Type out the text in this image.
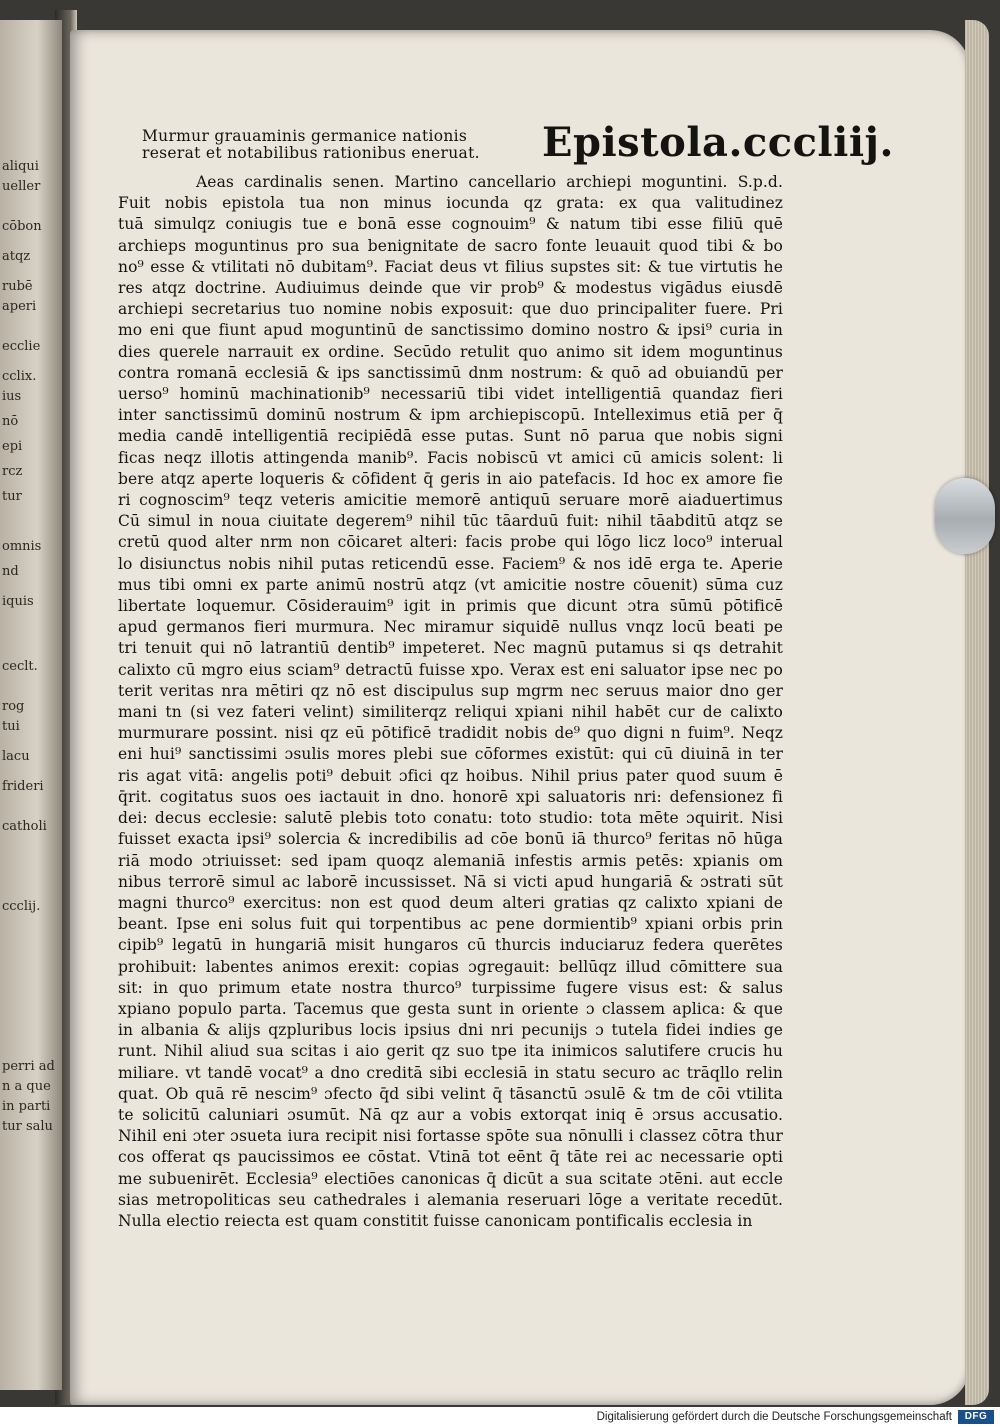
aliqui
ueller
cōbon
atqz
rubē
aperi
ecclie
cclix.
ius
nō
epi
rcz
tur
omnis
nd
iquis
ceclt.
rog
tui
lacu
frideri
catholi
ccclij.
perri ad
n a que
in parti
tur salu
Murmur grauaminis germanice nationis
reserat et notabilibus rationibus eneruat.	Epistola.cccliij.
Aeas cardinalis senen. Martino cancellario archiepi moguntini. S.p.d.
Fuit nobis epistola tua non minus iocunda qz grata: ex qua valitudinez
tuā simulqz coniugis tue e bonā esse cognouim⁹ & natum tibi esse filiū quē
archieps moguntinus pro sua benignitate de sacro fonte leuauit quod tibi & bo
no⁹ esse & vtilitati nō dubitam⁹. Faciat deus vt filius supstes sit: & tue virtutis he
res atqz doctrine. Audiuimus deinde que vir prob⁹ & modestus vigādus eiusdē
archiepi secretarius tuo nomine nobis exposuit: que duo principaliter fuere. Pri
mo eni que fiunt apud moguntinū de sanctissimo domino nostro & ipsi⁹ curia in
dies querele narrauit ex ordine. Secūdo retulit quo animo sit idem moguntinus
contra romanā ecclesiā & ips sanctissimū dnm nostrum: & quō ad obuiandū per
uerso⁹ hominū machinationib⁹ necessariū tibi videt intelligentiā quandaz fieri
inter sanctissimū dominū nostrum & ipm archiepiscopū. Intelleximus etiā per q̄
media candē intelligentiā recipiēdā esse putas. Sunt nō parua que nobis signi
ficas neqz illotis attingenda manib⁹. Facis nobiscū vt amici cū amicis solent: li
bere atqz aperte loqueris & cōfident q̄ geris in aio patefacis. Id hoc ex amore fie
ri cognoscim⁹ teqz veteris amicitie memorē antiquū seruare morē aiaduertimus
Cū simul in noua ciuitate degerem⁹ nihil tūc tāarduū fuit: nihil tāabditū atqz se
cretū quod alter nrm non cōicaret alteri: facis probe qui lōgo licz loco⁹ interual
lo disiunctus nobis nihil putas reticendū esse. Faciem⁹ & nos idē erga te. Aperie
mus tibi omni ex parte animū nostrū atqz (vt amicitie nostre cōuenit) sūma cuz
libertate loquemur. Cōsiderauim⁹ igit in primis que dicunt ɔtra sūmū pōtificē
apud germanos fieri murmura. Nec miramur siquidē nullus vnqz locū beati pe
tri tenuit qui nō latrantiū dentib⁹ impeteret. Nec magnū putamus si qs detrahit
calixto cū mgro eius sciam⁹ detractū fuisse xpo. Verax est eni saluator ipse nec po
terit veritas nra mētiri qz nō est discipulus sup mgrm nec seruus maior dno ger
mani tn (si vez fateri velint) similiterqz reliqui xpiani nihil habēt cur de calixto
murmurare possint. nisi qz eū pōtificē tradidit nobis de⁹ quo digni n fuim⁹. Neqz
eni hui⁹ sanctissimi ɔsulis mores plebi sue cōformes existūt: qui cū diuinā in ter
ris agat vitā: angelis poti⁹ debuit ɔfici qz hoibus. Nihil prius pater quod suum ē
q̄rit. cogitatus suos oes iactauit in dno. honorē xpi saluatoris nri: defensionez fi
dei: decus ecclesie: salutē plebis toto conatu: toto studio: tota mēte ɔquirit. Nisi
fuisset exacta ipsi⁹ solercia & incredibilis ad cōe bonū iā thurco⁹ feritas nō hūga
riā modo ɔtriuisset: sed ipam quoqz alemaniā infestis armis petēs: xpianis om
nibus terrorē simul ac laborē incussisset. Nā si victi apud hungariā & ɔstrati sūt
magni thurco⁹ exercitus: non est quod deum alteri gratias qz calixto xpiani de
beant. Ipse eni solus fuit qui torpentibus ac pene dormientib⁹ xpiani orbis prin
cipib⁹ legatū in hungariā misit hungaros cū thurcis induciaruz federa querētes
prohibuit: labentes animos erexit: copias ɔgregauit: bellūqz illud cōmittere sua
sit: in quo primum etate nostra thurco⁹ turpissime fugere visus est: & salus
xpiano populo parta. Tacemus que gesta sunt in oriente ɔ classem aplica: & que
in albania & alijs qzpluribus locis ipsius dni nri pecunijs ɔ tutela fidei indies ge
runt. Nihil aliud sua scitas i aio gerit qz suo tpe ita inimicos salutifere crucis hu
miliare. vt tandē vocat⁹ a dno creditā sibi ecclesiā in statu securo ac trāqllo relin
quat. Ob quā rē nescim⁹ ɔfecto q̄d sibi velint q̄ tāsanctū ɔsulē & tm de cōi vtilita
te solicitū caluniari ɔsumūt. Nā qz aur a vobis extorqat iniq ē ɔrsus accusatio.
Nihil eni ɔter ɔsueta iura recipit nisi fortasse spōte sua nōnulli i classez cōtra thur
cos offerat qs paucissimos ee cōstat. Vtinā tot eēnt q̄ tāte rei ac necessarie opti
me subuenirēt. Ecclesia⁹ electiōes canonicas q̄ dicūt a sua scitate ɔtēni. aut eccle
sias metropoliticas seu cathedrales i alemania reseruari lōge a veritate recedūt.
Nulla electio reiecta est quam constitit fuisse canonicam pontificalis ecclesia in
Digitalisierung gefördert durch die Deutsche Forschungsgemeinschaft	DFG
